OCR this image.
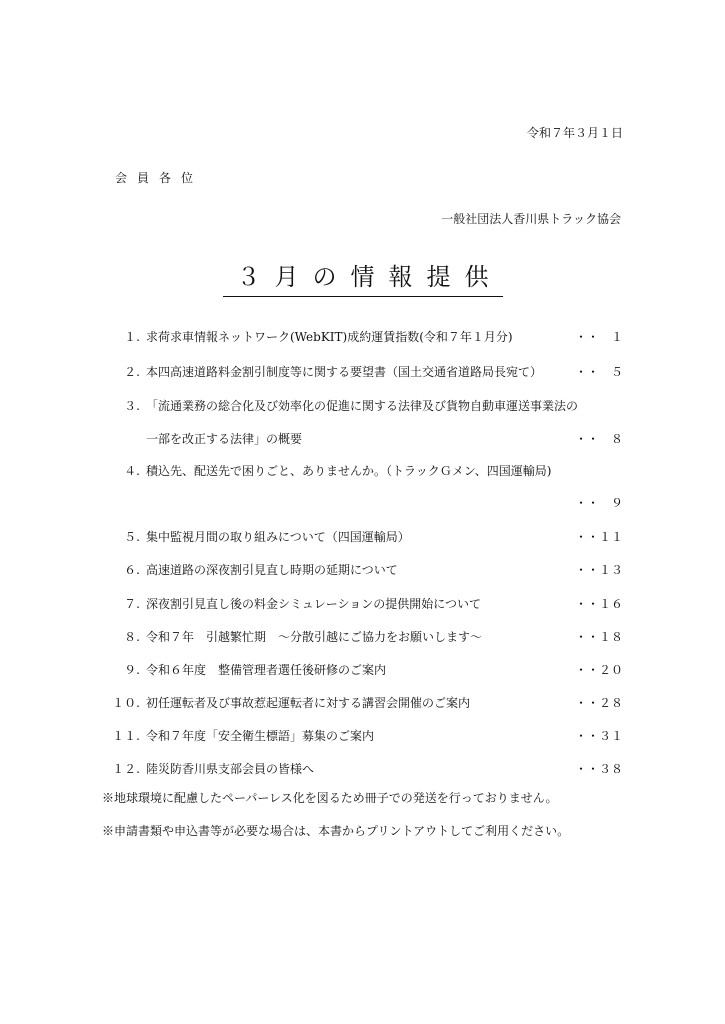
令和７年３月１日
会員各位
一般社団法人香川県トラック協会
３月の情報提供
１. 求荷求車情報ネットワーク(WebKIT)成約運賃指数(令和７年１月分)	・・　１
２. 本四高速道路料金割引制度等に関する要望書（国土交通省道路局長宛て）	・・　５
３. 「流通業務の総合化及び効率化の促進に関する法律及び貨物自動車運送事業法の
一部を改正する法律」の概要	・・　８
４. 積込先、配送先で困りごと、ありませんか。（トラックＧメン、四国運輸局)
・・　９
５. 集中監視月間の取り組みについて（四国運輸局）	・・１１
６. 高速道路の深夜割引見直し時期の延期について	・・１３
７. 深夜割引見直し後の料金シミュレーションの提供開始について	・・１６
８. 令和７年　引越繁忙期　～分散引越にご協力をお願いします～	・・１８
９. 令和６年度　整備管理者選任後研修のご案内	・・２０
１０. 初任運転者及び事故惹起運転者に対する講習会開催のご案内	・・２８
１１. 令和７年度「安全衛生標語」募集のご案内	・・３１
１２. 陸災防香川県支部会員の皆様へ	・・３８
※地球環境に配慮したペーパーレス化を図るため冊子での発送を行っておりません。
※申請書類や申込書等が必要な場合は、本書からプリントアウトしてご利用ください。
